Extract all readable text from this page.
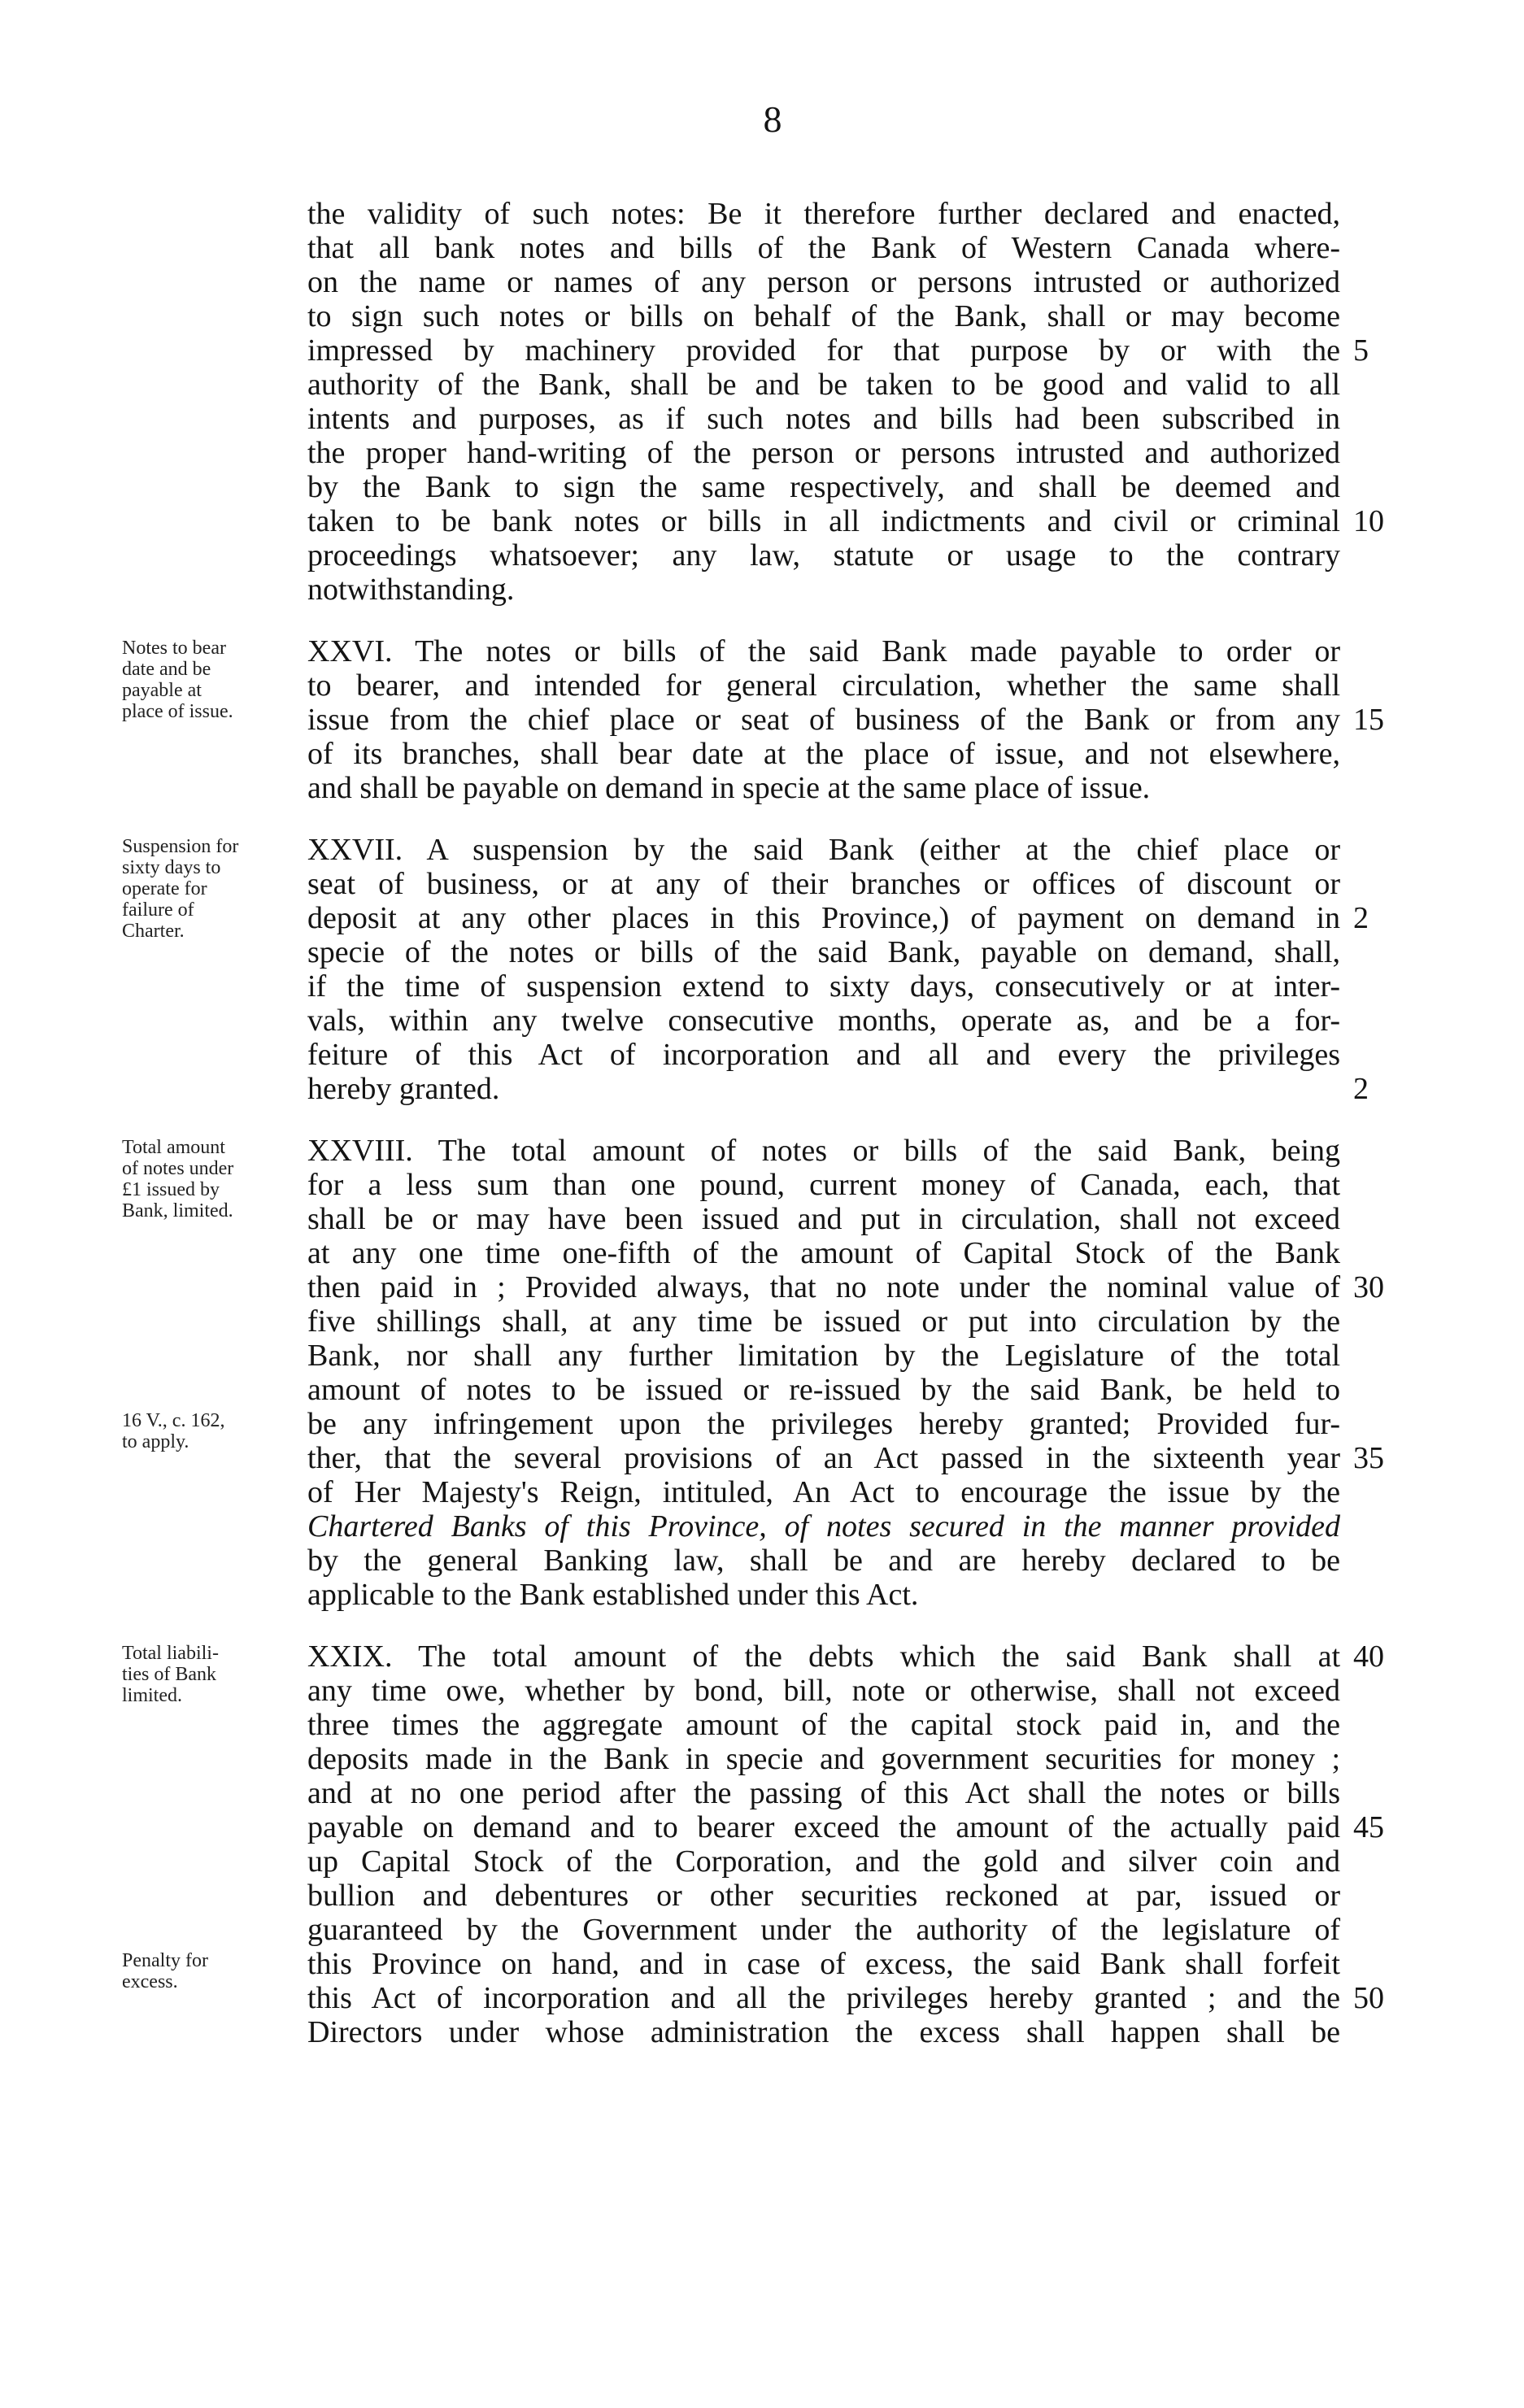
8
the validity of such notes: Be it therefore further declared and enacted,
that all bank notes and bills of the Bank of Western Canada where-
on the name or names of any person or persons intrusted or authorized
to sign such notes or bills on behalf of the Bank, shall or may become
impressed by machinery provided for that purpose by or with the
authority of the Bank, shall be and be taken to be good and valid to all
intents and purposes, as if such notes and bills had been subscribed in
the proper hand-writing of the person or persons intrusted and authorized
by the Bank to sign the same respectively, and shall be deemed and
taken to be bank notes or bills in all indictments and civil or criminal
proceedings whatsoever; any law, statute or usage to the contrary
notwithstanding.
XXVI. The notes or bills of the said Bank made payable to order or
to bearer, and intended for general circulation, whether the same shall
issue from the chief place or seat of business of the Bank or from any
of its branches, shall bear date at the place of issue, and not elsewhere,
and shall be payable on demand in specie at the same place of issue.
XXVII. A suspension by the said Bank (either at the chief place or
seat of business, or at any of their branches or offices of discount or
deposit at any other places in this Province,) of payment on demand in
specie of the notes or bills of the said Bank, payable on demand, shall,
if the time of suspension extend to sixty days, consecutively or at inter-
vals, within any twelve consecutive months, operate as, and be a for-
feiture of this Act of incorporation and all and every the privileges
hereby granted.
XXVIII. The total amount of notes or bills of the said Bank, being
for a less sum than one pound, current money of Canada, each, that
shall be or may have been issued and put in circulation, shall not exceed
at any one time one-fifth of the amount of Capital Stock of the Bank
then paid in ; Provided always, that no note under the nominal value of
five shillings shall, at any time be issued or put into circulation by the
Bank, nor shall any further limitation by the Legislature of the total
amount of notes to be issued or re-issued by the said Bank, be held to
be any infringement upon the privileges hereby granted; Provided fur-
ther, that the several provisions of an Act passed in the sixteenth year
of Her Majesty's Reign, intituled, An Act to encourage the issue by the
Chartered Banks of this Province, of notes secured in the manner provided
by the general Banking law, shall be and are hereby declared to be
applicable to the Bank established under this Act.
XXIX. The total amount of the debts which the said Bank shall at
any time owe, whether by bond, bill, note or otherwise, shall not exceed
three times the aggregate amount of the capital stock paid in, and the
deposits made in the Bank in specie and government securities for money ;
and at no one period after the passing of this Act shall the notes or bills
payable on demand and to bearer exceed the amount of the actually paid
up Capital Stock of the Corporation, and the gold and silver coin and
bullion and debentures or other securities reckoned at par, issued or
guaranteed by the Government under the authority of the legislature of
this Province on hand, and in case of excess, the said Bank shall forfeit
this Act of incorporation and all the privileges hereby granted ; and the
Directors under whose administration the excess shall happen shall be
5
10
15
2
2
30
35
40
45
50
Notes to bear
date and be
payable at
place of issue.
Suspension for
sixty days to
operate for
failure of
Charter.
Total amount
of notes under
£1 issued by
Bank, limited.
16 V., c. 162,
to apply.
Total liabili-
ties of Bank
limited.
Penalty for
excess.
